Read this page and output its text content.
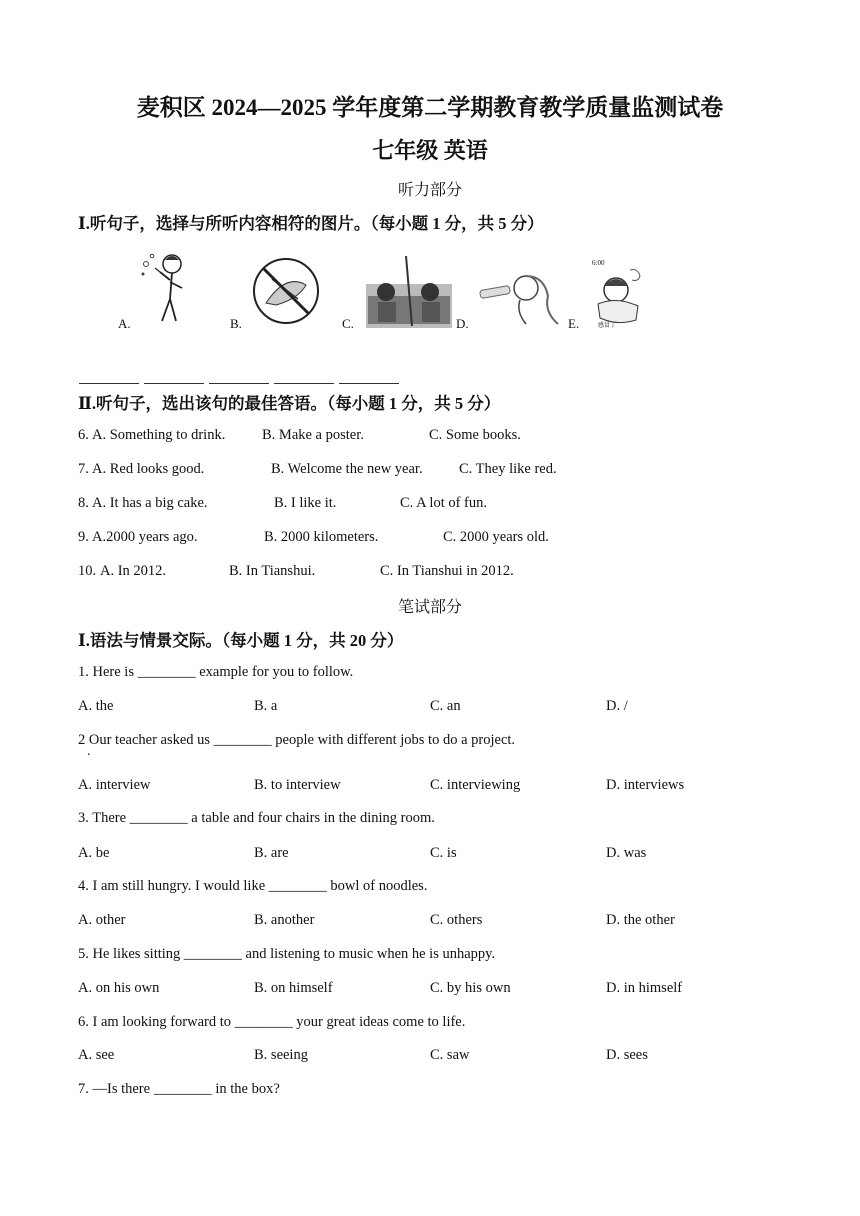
麦积区 2024—2025 学年度第二学期教育教学质量监测试卷
七年级 英语
听力部分
Ⅰ.听句子，选择与所听内容相符的图片。（每小题 1 分，共 5 分）
A.	B.	C.	D.
6:00
感冒了
E.
Ⅱ.听句子，选出该句的最佳答语。（每小题 1 分，共 5 分）
6. A. Something to drink.	B. Make a poster.	C. Some books.
7. A. Red looks good.	B. Welcome the new year.	C. They like red.
8. A. It has a big cake.	B. I like it.	C. A lot of fun.
9. A.2000 years ago.	B. 2000 kilometers.	C. 2000 years old.
10. A. In 2012.	B. In Tianshui.	C. In Tianshui in 2012.
笔试部分
Ⅰ.语法与情景交际。（每小题 1 分，共 20 分）
1. Here is ________ example for you to follow.
A. the	B. a	C. an	D. /
2 Our teacher asked us ________ people with different jobs to do a project.
.
A. interview	B. to interview	C. interviewing	D. interviews
3. There ________ a table and four chairs in the dining room.
A. be	B. are	C. is	D. was
4. I am still hungry. I would like ________ bowl of noodles.
A. other	B. another	C. others	D. the other
5. He likes sitting ________ and listening to music when he is unhappy.
A. on his own	B. on himself	C. by his own	D. in himself
6. I am looking forward to ________ your great ideas come to life.
A. see	B. seeing	C. saw	D. sees
7. —Is there ________ in the box?
